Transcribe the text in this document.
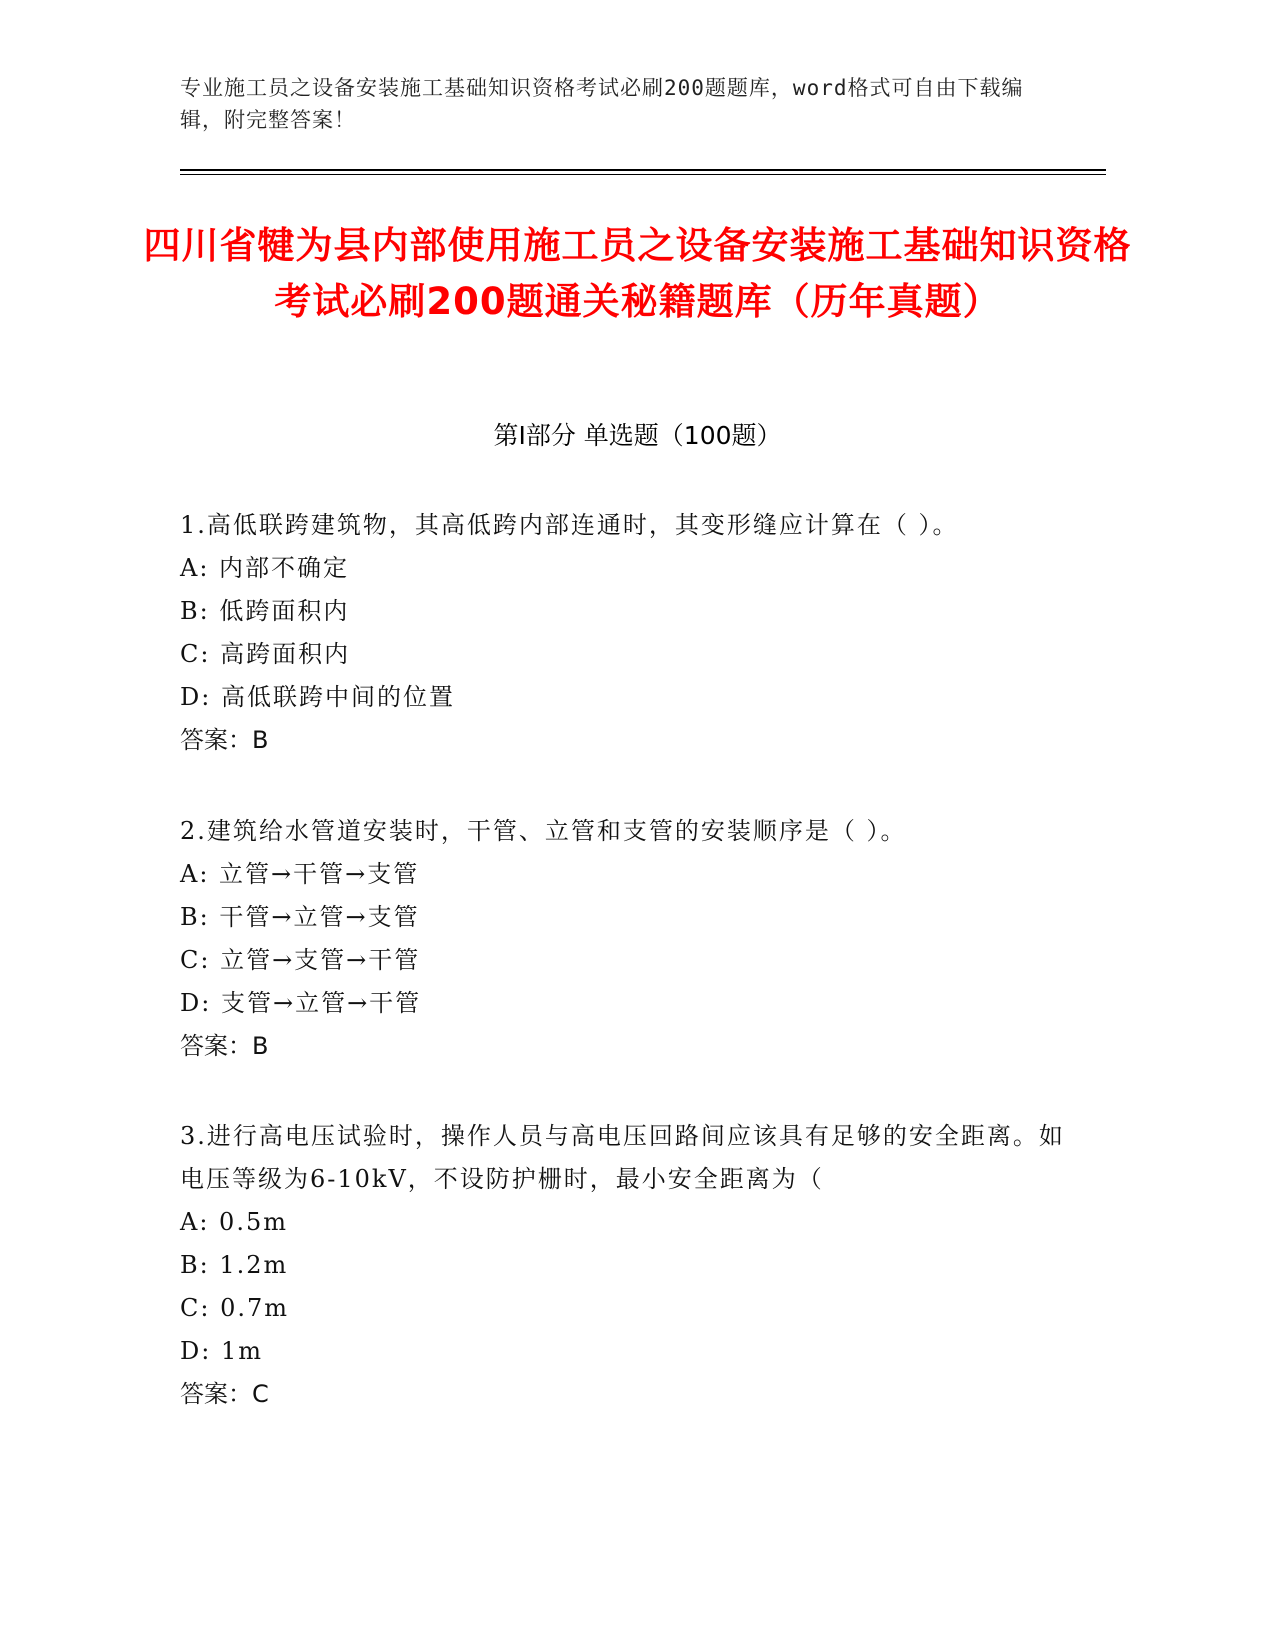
专业施工员之设备安装施工基础知识资格考试必刷200题题库，word格式可自由下载编辑，附完整答案！
四川省犍为县内部使用施工员之设备安装施工基础知识资格考试必刷200题通关秘籍题库（历年真题）
第Ⅰ部分 单选题（100题）
1.高低联跨建筑物，其高低跨内部连通时，其变形缝应计算在（ ）。
A: 内部不确定
B: 低跨面积内
C: 高跨面积内
D: 高低联跨中间的位置
答案：B
2.建筑给水管道安装时，干管、立管和支管的安装顺序是（ ）。
A: 立管→干管→支管
B: 干管→立管→支管
C: 立管→支管→干管
D: 支管→立管→干管
答案：B
3.进行高电压试验时，操作人员与高电压回路间应该具有足够的安全距离。如电压等级为6-10kV，不设防护栅时，最小安全距离为（
A: 0.5m
B: 1.2m
C: 0.7m
D: 1m
答案：C
